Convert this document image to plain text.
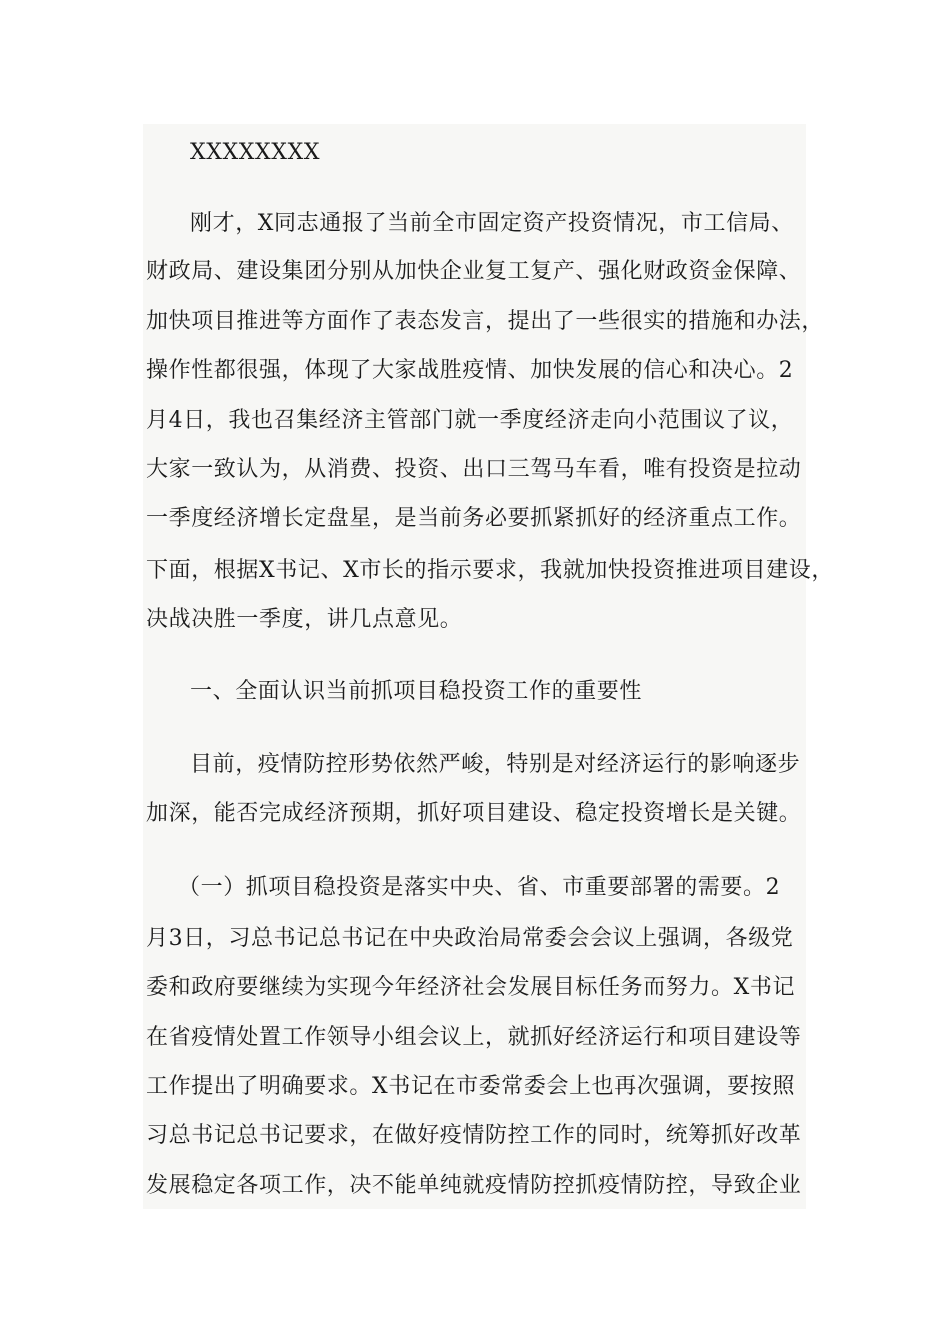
XXXXXXXX
刚才，X同志通报了当前全市固定资产投资情况，市工信局、
财政局、建设集团分别从加快企业复工复产、强化财政资金保障、
加快项目推进等方面作了表态发言，提出了一些很实的措施和办法，
操作性都很强，体现了大家战胜疫情、加快发展的信心和决心。2
月4日，我也召集经济主管部门就一季度经济走向小范围议了议，
大家一致认为，从消费、投资、出口三驾马车看，唯有投资是拉动
一季度经济增长定盘星，是当前务必要抓紧抓好的经济重点工作。
下面，根据X书记、X市长的指示要求，我就加快投资推进项目建设，
决战决胜一季度，讲几点意见。
一、全面认识当前抓项目稳投资工作的重要性
目前，疫情防控形势依然严峻，特别是对经济运行的影响逐步
加深，能否完成经济预期，抓好项目建设、稳定投资增长是关键。
（一）抓项目稳投资是落实中央、省、市重要部署的需要。2
月3日，习总书记总书记在中央政治局常委会会议上强调，各级党
委和政府要继续为实现今年经济社会发展目标任务而努力。X书记
在省疫情处置工作领导小组会议上，就抓好经济运行和项目建设等
工作提出了明确要求。X书记在市委常委会上也再次强调，要按照
习总书记总书记要求，在做好疫情防控工作的同时，统筹抓好改革
发展稳定各项工作，决不能单纯就疫情防控抓疫情防控，导致企业
